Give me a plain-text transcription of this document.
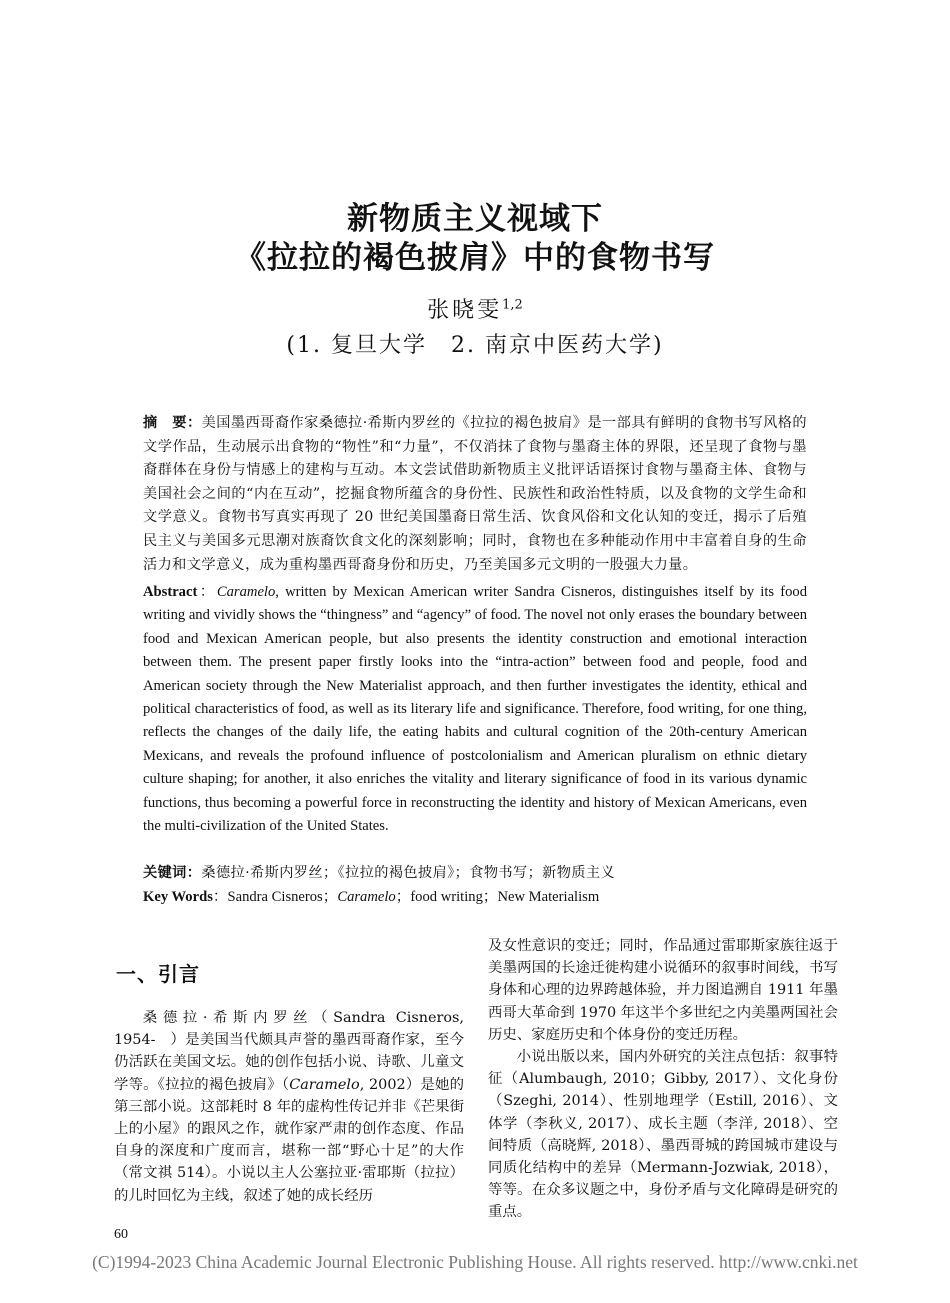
新物质主义视域下
《拉拉的褐色披肩》中的食物书写
张晓雯$^{1,2}$
(1. 复旦大学　2. 南京中医药大学)
摘　要：美国墨西哥裔作家桑德拉·希斯内罗丝的《拉拉的褐色披肩》是一部具有鲜明的食物书写风格的文学作品，生动展示出食物的“物性”和“力量”，不仅消抹了食物与墨裔主体的界限，还呈现了食物与墨裔群体在身份与情感上的建构与互动。本文尝试借助新物质主义批评话语探讨食物与墨裔主体、食物与美国社会之间的“内在互动”，挖掘食物所蕴含的身份性、民族性和政治性特质，以及食物的文学生命和文学意义。食物书写真实再现了 20 世纪美国墨裔日常生活、饮食风俗和文化认知的变迁，揭示了后殖民主义与美国多元思潮对族裔饮食文化的深刻影响；同时，食物也在多种能动作用中丰富着自身的生命活力和文学意义，成为重构墨西哥裔身份和历史，乃至美国多元文明的一股强大力量。
Abstract：Caramelo, written by Mexican American writer Sandra Cisneros, distinguishes itself by its food writing and vividly shows the “thingness” and “agency” of food. The novel not only erases the boundary between food and Mexican American people, but also presents the identity construction and emotional interaction between them. The present paper firstly looks into the “intra-action” between food and people, food and American society through the New Materialist approach, and then further investigates the identity, ethical and political characteristics of food, as well as its literary life and significance. Therefore, food writing, for one thing, reflects the changes of the daily life, the eating habits and cultural cognition of the 20th-century American Mexicans, and reveals the profound influence of postcolonialism and American pluralism on ethnic dietary culture shaping; for another, it also enriches the vitality and literary significance of food in its various dynamic functions, thus becoming a powerful force in reconstructing the identity and history of Mexican Americans, even the multi-civilization of the United States.
关键词：桑德拉·希斯内罗丝；《拉拉的褐色披肩》；食物书写；新物质主义
Key Words：Sandra Cisneros；Caramelo；food writing；New Materialism
一、引言

桑德拉·希斯内罗丝（Sandra Cisneros, 1954-　）是美国当代颇具声誉的墨西哥裔作家，至今仍活跃在美国文坛。她的创作包括小说、诗歌、儿童文学等。《拉拉的褐色披肩》（Caramelo, 2002）是她的第三部小说。这部耗时 8 年的虚构性传记并非《芒果街上的小屋》的跟风之作，就作家严肃的创作态度、作品自身的深度和广度而言，堪称一部“野心十足”的大作（常文祺 514）。小说以主人公塞拉亚·雷耶斯（拉拉）的儿时回忆为主线，叙述了她的成长经历

及女性意识的变迁；同时，作品通过雷耶斯家族往返于美墨两国的长途迁徙构建小说循环的叙事时间线，书写身体和心理的边界跨越体验，并力图追溯自 1911 年墨西哥大革命到 1970 年这半个多世纪之内美墨两国社会历史、家庭历史和个体身份的变迁历程。

小说出版以来，国内外研究的关注点包括：叙事特征（Alumbaugh, 2010；Gibby, 2017）、文化身份（Szeghi, 2014）、性别地理学（Estill, 2016）、文体学（李秋义, 2017）、成长主题（李洋, 2018）、空间特质（高晓辉, 2018）、墨西哥城的跨国城市建设与同质化结构中的差异（Mermann-Jozwiak, 2018），等等。在众多议题之中，身份矛盾与文化障碍是研究的重点。

60
(C)1994-2023 China Academic Journal Electronic Publishing House. All rights reserved. http://www.cnki.net
